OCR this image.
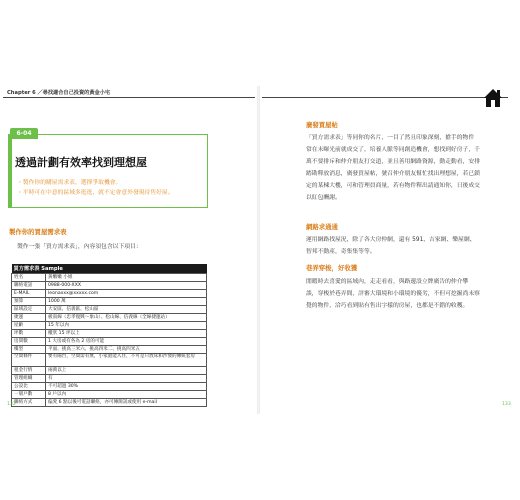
Chapter 6 ／尋找適合自己投資的黃金小宅
6-04
透過計劃有效率找到理想屋
・製作你的購屋需求表，選擇爭取機會。
・平時可在中意的區域多逛逛，就不定會意外發現待售好屋。
製作你的買屋需求表
製作一張「買方需求表」，內容須包含以下項目：
買方需求表 Sample	
姓名	黃嫩嫩 小姐
聯絡電話	0988-000-XXX
E-MAIL	leonaxxx@xxxxx.com
預算	1000 萬
區域設定	大安區、信義區、松山區
捷運	板南線（忠孝復興～象山）、松山線、信義線（全線捷運站）
屋齡	15 年以內
坪數	權狀 15 坪以上
房間數	1 大房或有各為 2 房的可能
樓型	平面、挑高三米六、挑高四米二、挑高四米五
空間條件	要有陽台，空間需有無，小家庭能入住，不可是只放床和沙發的傳統套房
租金行情	兩萬以上
管理組織	有
公設比	不可超過 30%
一層戶數	8 戶以內
聯絡方式	偏愛 6 點以後可電話聯絡，亦可傳簡訊或使用 e-mail
132
廣發買屋帖
「買方需求表」等同你的名片，一目了然且印象深刻，搶手的物件
常在未曝光前就成交了，培養人脈等同創造機會，想找到好房子，千
萬不要排斥和仲介朋友打交道，並且善用網路資源，動走動看，安排
踏勘釋放消息，廣發買屋帖，號召仲介朋友幫忙找出理想屋，若已鎖
定的某棟大樓，可和管理員商量，若有物件釋出請通知你，日後成交
以紅包酬謝。
網路求通通
運用網路找屋況，除了各大房仲網，還有 591、吉家網、樂屋網、
智邦不動產，奇集集等等。
巷弄穿梭，好收獲
閒暇時去喜愛的區域內，走走看看，與路邊設立牌廣告的仲介攀
談，穿梭於巷弄間，評審大環境和小環境的優劣，不但可挖掘尚未察
覺的物件，洽巧看到貼有售出字樣的房屋，也都是不錯的收穫。
133
